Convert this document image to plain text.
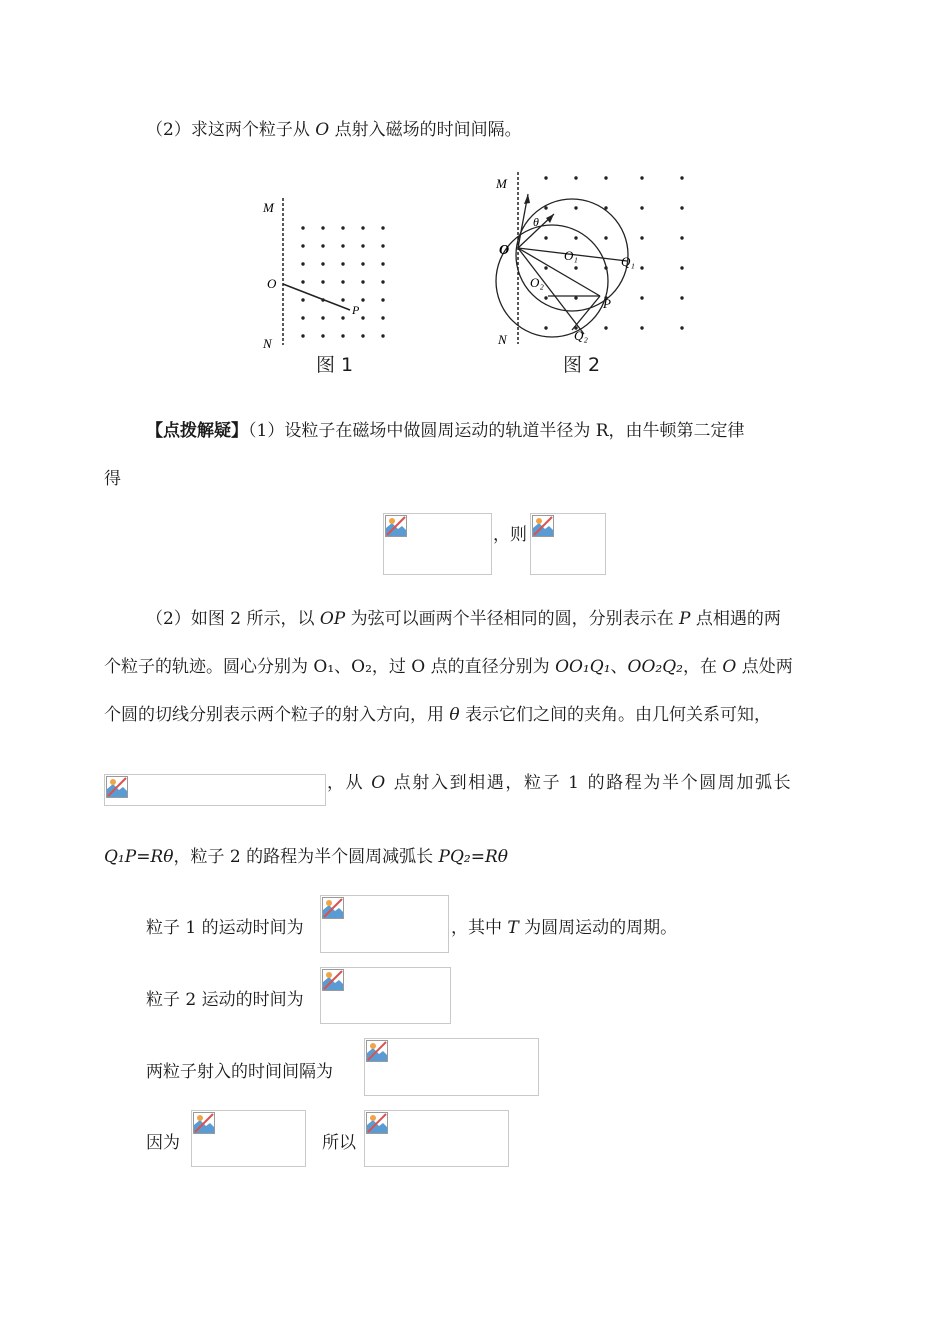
（2）求这两个粒子从 O 点射入磁场的时间间隔。
M
O
P
N
图 1
M
θ
O	O₁	Q₁
O₂
P
N	Q₂
图 2
【点拨解疑】（1）设粒子在磁场中做圆周运动的轨道半径为 R，由牛顿第二定律
得
，则
（2）如图 2 所示，以 OP 为弦可以画两个半径相同的圆，分别表示在 P 点相遇的两
个粒子的轨迹。圆心分别为 O₁、O₂，过 O 点的直径分别为 OO₁Q₁、OO₂Q₂，在 O 点处两
个圆的切线分别表示两个粒子的射入方向，用 θ 表示它们之间的夹角。由几何关系可知，
，从 O 点射入到相遇，粒子 1 的路程为半个圆周加弧长
Q₁P=Rθ，粒子 2 的路程为半个圆周减弧长 PQ₂=Rθ
粒子 1 的运动时间为	，其中 T 为圆周运动的周期。
粒子 2 运动的时间为
两粒子射入的时间间隔为
因为	所以
